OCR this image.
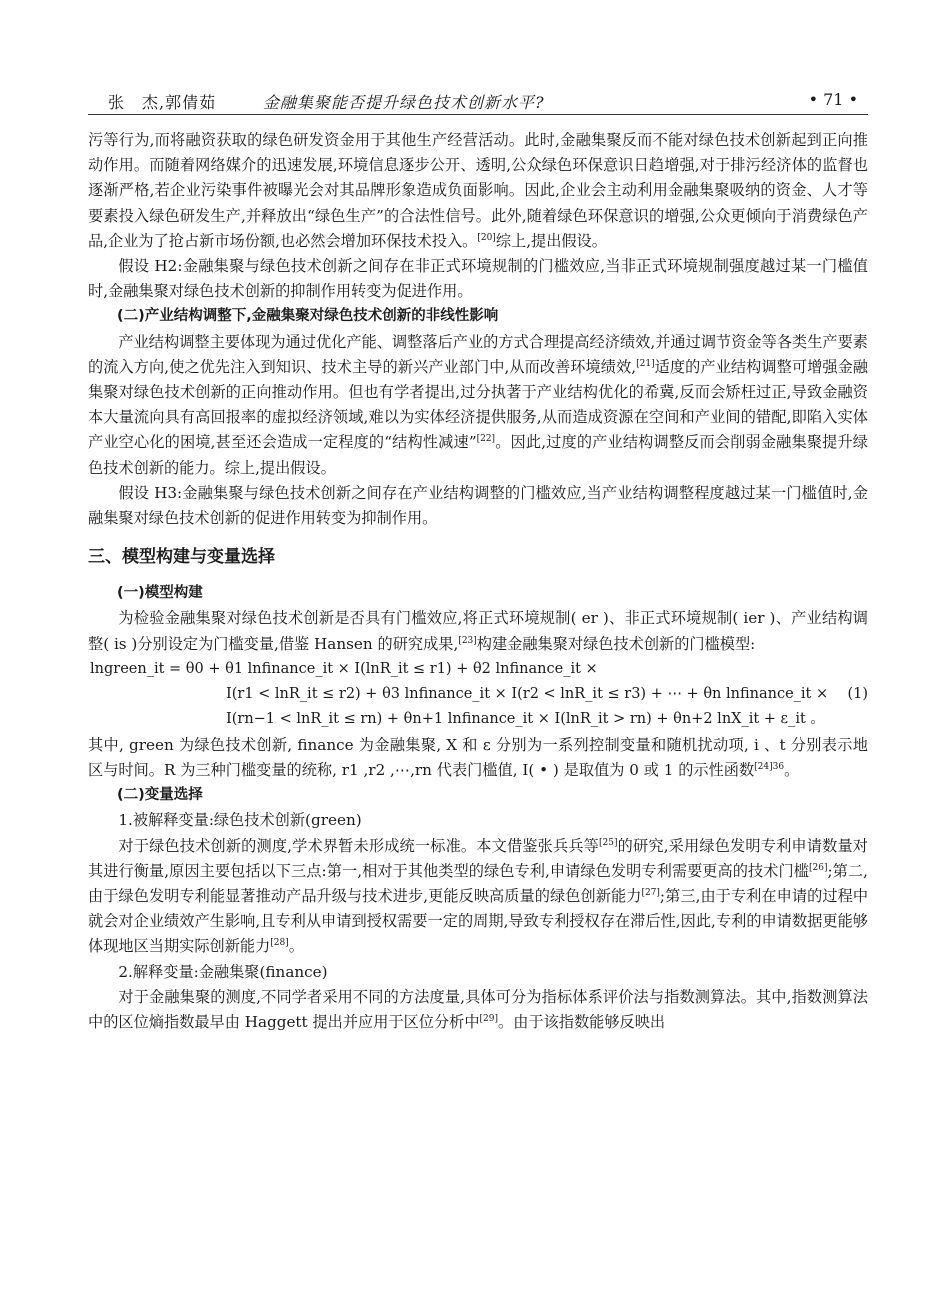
张　杰,郭倩茹	金融集聚能否提升绿色技术创新水平?	• 71 •

污等行为,而将融资获取的绿色研发资金用于其他生产经营活动。此时,金融集聚反而不能对绿色技术创新起到正向推动作用。而随着网络媒介的迅速发展,环境信息逐步公开、透明,公众绿色环保意识日趋增强,对于排污经济体的监督也逐渐严格,若企业污染事件被曝光会对其品牌形象造成负面影响。因此,企业会主动利用金融集聚吸纳的资金、人才等要素投入绿色研发生产,并释放出“绿色生产”的合法性信号。此外,随着绿色环保意识的增强,公众更倾向于消费绿色产品,企业为了抢占新市场份额,也必然会增加环保技术投入。[20]综上,提出假设。

假设 H2:金融集聚与绿色技术创新之间存在非正式环境规制的门槛效应,当非正式环境规制强度越过某一门槛值时,金融集聚对绿色技术创新的抑制作用转变为促进作用。

(二)产业结构调整下,金融集聚对绿色技术创新的非线性影响

产业结构调整主要体现为通过优化产能、调整落后产业的方式合理提高经济绩效,并通过调节资金等各类生产要素的流入方向,使之优先注入到知识、技术主导的新兴产业部门中,从而改善环境绩效,[21]适度的产业结构调整可增强金融集聚对绿色技术创新的正向推动作用。但也有学者提出,过分执著于产业结构优化的希冀,反而会矫枉过正,导致金融资本大量流向具有高回报率的虚拟经济领域,难以为实体经济提供服务,从而造成资源在空间和产业间的错配,即陷入实体产业空心化的困境,甚至还会造成一定程度的“结构性减速”[22]。因此,过度的产业结构调整反而会削弱金融集聚提升绿色技术创新的能力。综上,提出假设。

假设 H3:金融集聚与绿色技术创新之间存在产业结构调整的门槛效应,当产业结构调整程度越过某一门槛值时,金融集聚对绿色技术创新的促进作用转变为抑制作用。

三、模型构建与变量选择
(一)模型构建

为检验金融集聚对绿色技术创新是否具有门槛效应,将正式环境规制( er )、非正式环境规制( ier )、产业结构调整( is )分别设定为门槛变量,借鉴 Hansen 的研究成果,[23]构建金融集聚对绿色技术创新的门槛模型:

lngreen_it = θ0 + θ1 lnfinance_it × I(lnR_it ≤ r1) + θ2 lnfinance_it ×
I(r1 < lnR_it ≤ r2) + θ3 lnfinance_it × I(r2 < lnR_it ≤ r3) + ⋯ + θn lnfinance_it ×
I(rn−1 < lnR_it ≤ rn) + θn+1 lnfinance_it × I(lnR_it > rn) + θn+2 lnX_it + ε_it 。
(1)

其中, green 为绿色技术创新, finance 为金融集聚, X 和 ε 分别为一系列控制变量和随机扰动项, i 、t 分别表示地区与时间。R 为三种门槛变量的统称, r1 ,r2 ,⋯,rn 代表门槛值, I( • ) 是取值为 0 或 1 的示性函数$^{[24]36}$。

(二)变量选择

1.被解释变量:绿色技术创新(green)

对于绿色技术创新的测度,学术界暂未形成统一标准。本文借鉴张兵兵等[25]的研究,采用绿色发明专利申请数量对其进行衡量,原因主要包括以下三点:第一,相对于其他类型的绿色专利,申请绿色发明专利需要更高的技术门槛[26];第二,由于绿色发明专利能显著推动产品升级与技术进步,更能反映高质量的绿色创新能力[27];第三,由于专利在申请的过程中就会对企业绩效产生影响,且专利从申请到授权需要一定的周期,导致专利授权存在滞后性,因此,专利的申请数据更能够体现地区当期实际创新能力[28]。

2.解释变量:金融集聚(finance)

对于金融集聚的测度,不同学者采用不同的方法度量,具体可分为指标体系评价法与指数测算法。其中,指数测算法中的区位熵指数最早由 Haggett 提出并应用于区位分析中[29]。由于该指数能够反映出
